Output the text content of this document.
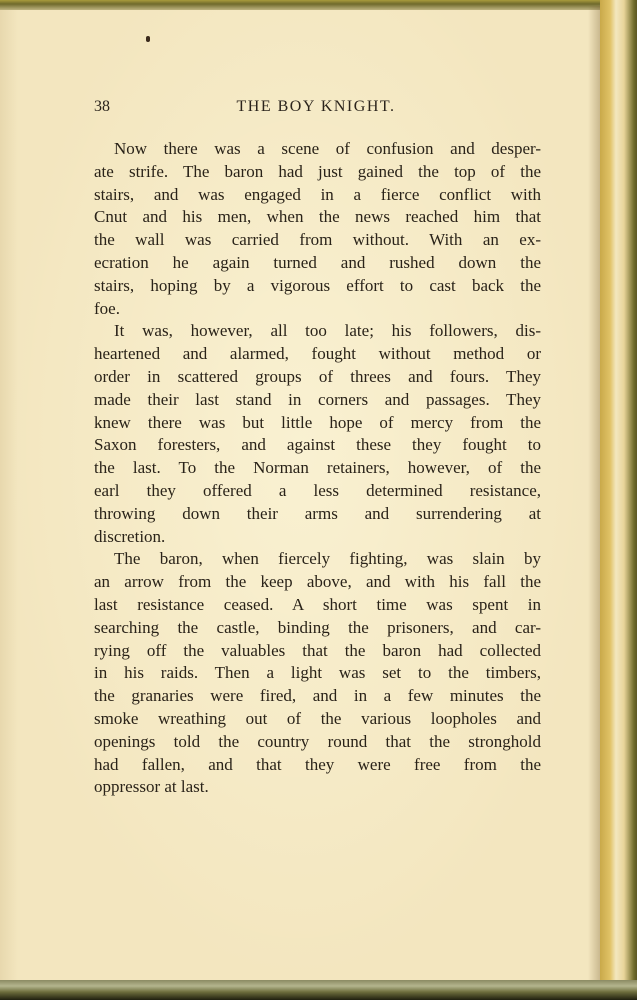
38	THE BOY KNIGHT.
Now there was a scene of confusion and desper-
ate strife. The baron had just gained the top of the
stairs, and was engaged in a fierce conflict with
Cnut and his men, when the news reached him that
the wall was carried from without. With an ex-
ecration he again turned and rushed down the
stairs, hoping by a vigorous effort to cast back the
foe.
It was, however, all too late; his followers, dis-
heartened and alarmed, fought without method or
order in scattered groups of threes and fours. They
made their last stand in corners and passages. They
knew there was but little hope of mercy from the
Saxon foresters, and against these they fought to
the last. To the Norman retainers, however, of the
earl they offered a less determined resistance,
throwing down their arms and surrendering at
discretion.
The baron, when fiercely fighting, was slain by
an arrow from the keep above, and with his fall the
last resistance ceased. A short time was spent in
searching the castle, binding the prisoners, and car-
rying off the valuables that the baron had collected
in his raids. Then a light was set to the timbers,
the granaries were fired, and in a few minutes the
smoke wreathing out of the various loopholes and
openings told the country round that the stronghold
had fallen, and that they were free from the
oppressor at last.
